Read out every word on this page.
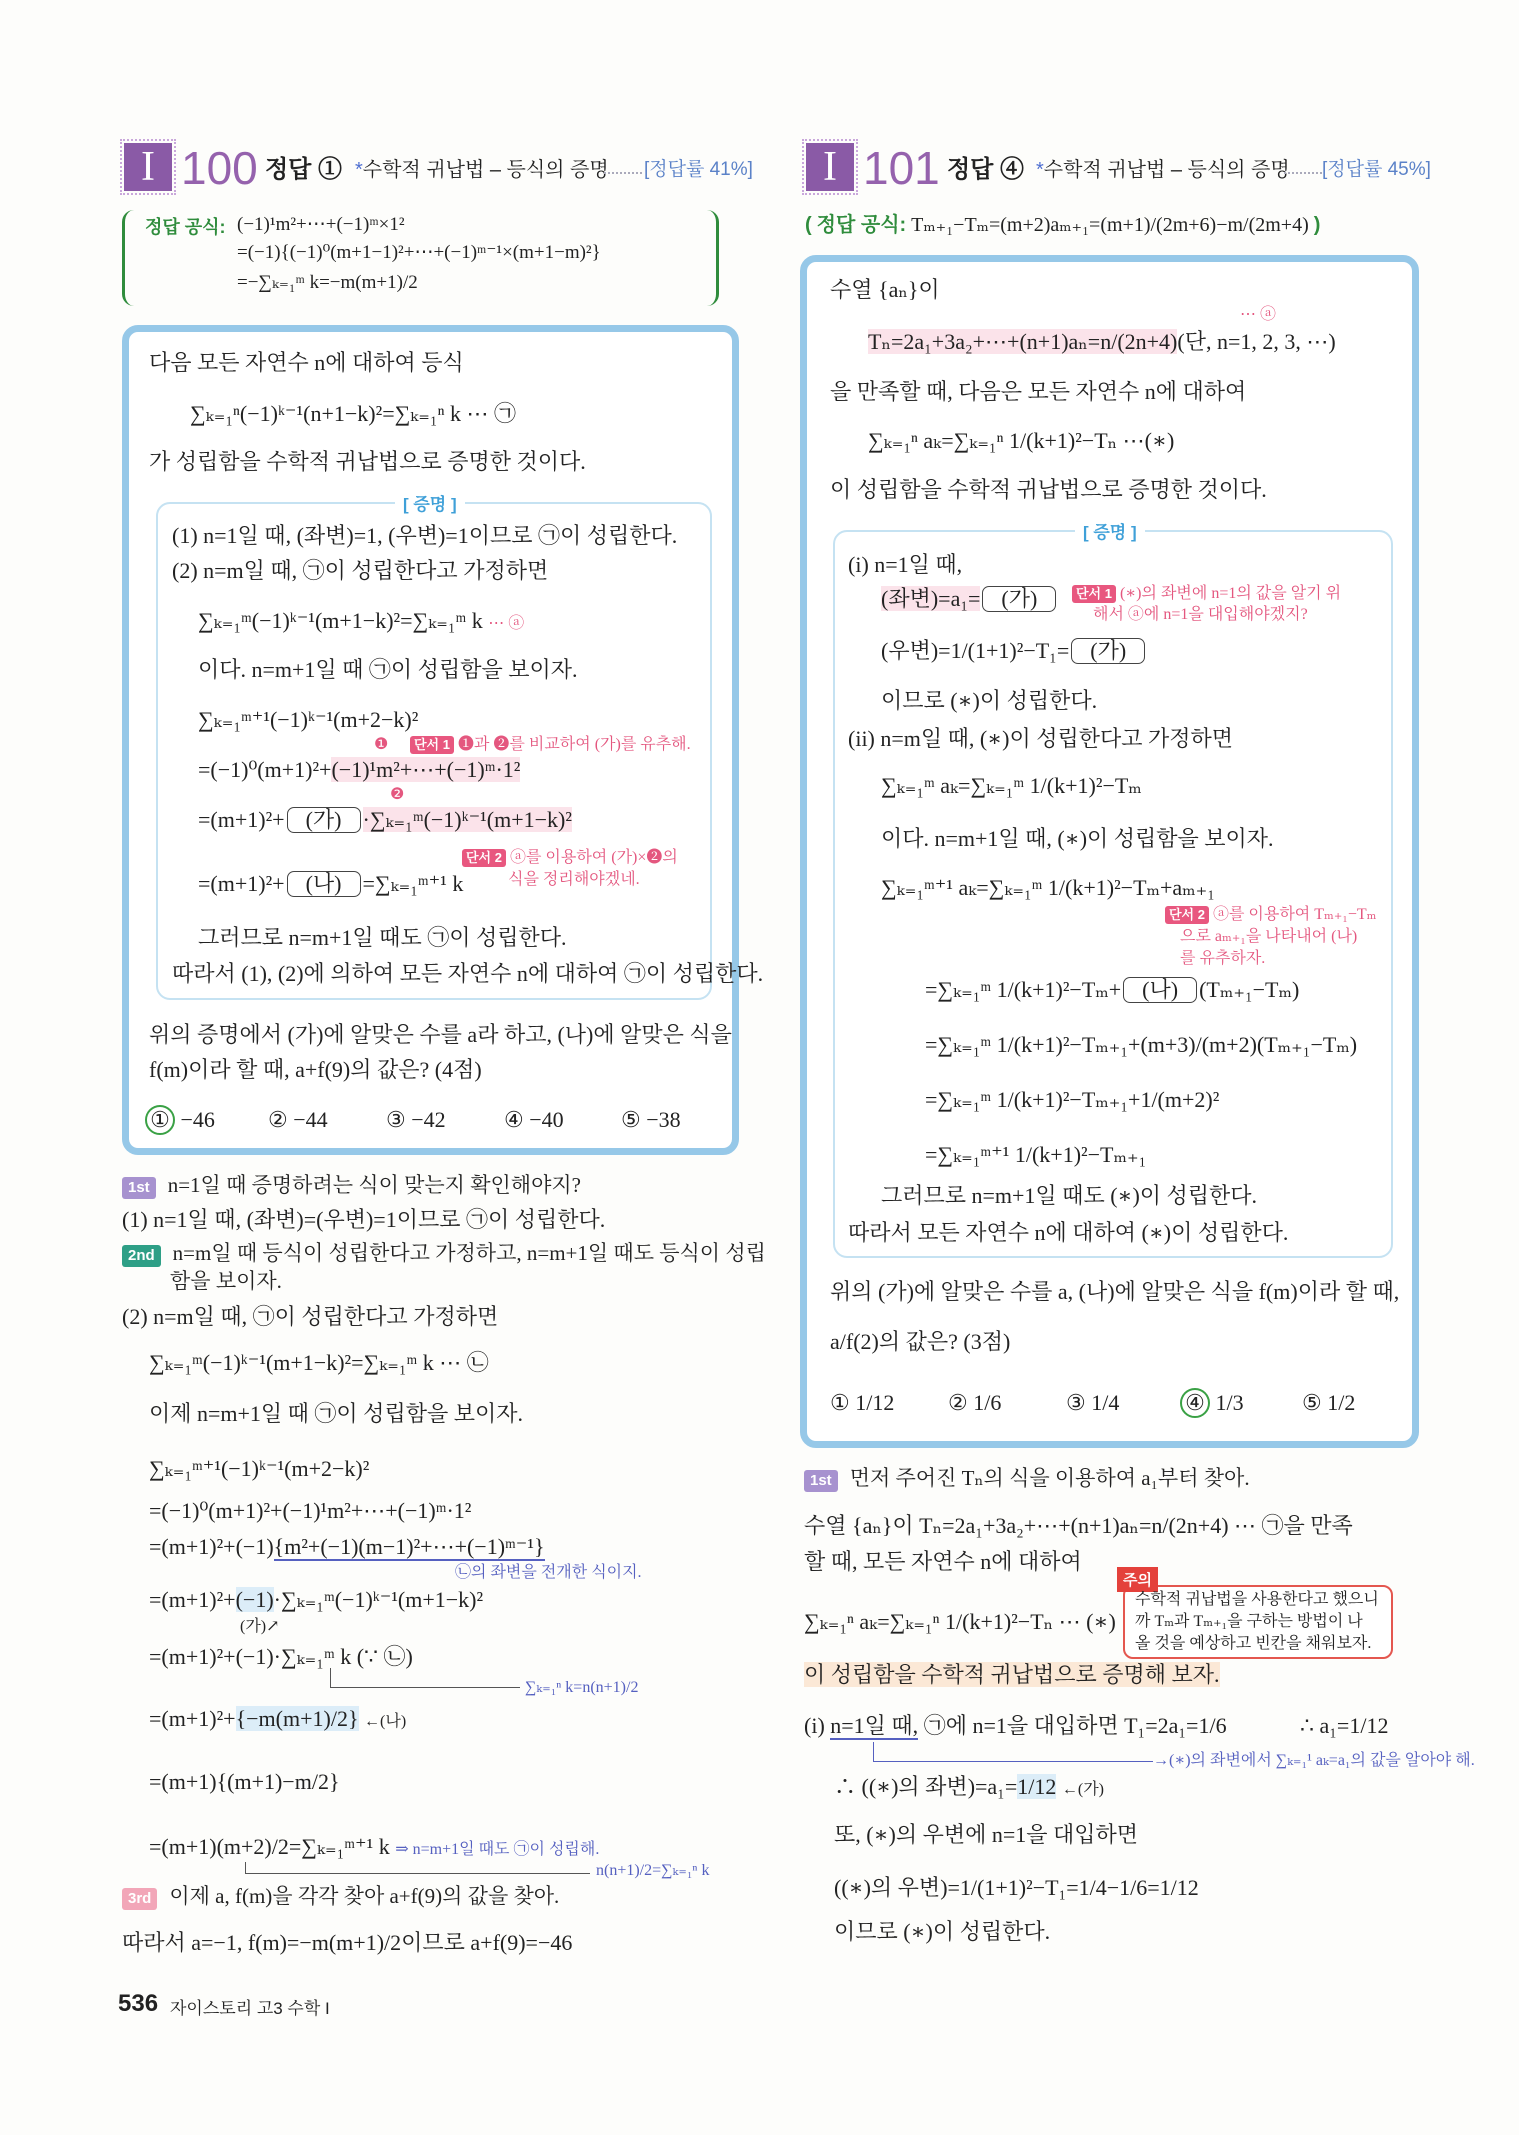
I 100 정답 ① *수학적 귀납법 – 등식의 증명 [정답률 41%]
정답 공식: (−1)¹m²+⋯+(−1)ᵐ×1²
=(−1){(−1)⁰(m+1−1)²+⋯+(−1)ᵐ⁻¹×(m+1−m)²}
=−∑ₖ₌₁ᵐ k=−m(m+1)/2
다음 모든 자연수 n에 대하여 등식
∑ₖ₌₁ⁿ(−1)ᵏ⁻¹(n+1−k)²=∑ₖ₌₁ⁿ k ⋯ ㉠
가 성립함을 수학적 귀납법으로 증명한 것이다.
[ 증명 ]
(1) n=1일 때, (좌변)=1, (우변)=1이므로 ㉠이 성립한다.
(2) n=m일 때, ㉠이 성립한다고 가정하면
∑ₖ₌₁ᵐ(−1)ᵏ⁻¹(m+1−k)²=∑ₖ₌₁ᵐ k ⋯ ⓐ
이다. n=m+1일 때 ㉠이 성립함을 보이자.
∑ₖ₌₁ᵐ⁺¹(−1)ᵏ⁻¹(m+2−k)²
단서 1 ❶과 ❷를 비교하여 (가)를 유추해.
❶
=(−1)⁰(m+1)²+(−1)¹m²+⋯+(−1)ᵐ·1²
❷
=(m+1)²+ (가) ·∑ₖ₌₁ᵐ(−1)ᵏ⁻¹(m+1−k)²
단서 2 ⓐ를 이용하여 (가)×❷의
식을 정리해야겠네.
=(m+1)²+ (나) =∑ₖ₌₁ᵐ⁺¹ k
그러므로 n=m+1일 때도 ㉠이 성립한다.
따라서 (1), (2)에 의하여 모든 자연수 n에 대하여 ㉠이 성립한다.
위의 증명에서 (가)에 알맞은 수를 a라 하고, (나)에 알맞은 식을
f(m)이라 할 때, a+f(9)의 값은? (4점)
① −46 ② −44	③ −42	④ −40	⑤ −38
1st n=1일 때 증명하려는 식이 맞는지 확인해야지?
(1) n=1일 때, (좌변)=(우변)=1이므로 ㉠이 성립한다.
2nd n=m일 때 등식이 성립한다고 가정하고, n=m+1일 때도 등식이 성립
함을 보이자.
(2) n=m일 때, ㉠이 성립한다고 가정하면
∑ₖ₌₁ᵐ(−1)ᵏ⁻¹(m+1−k)²=∑ₖ₌₁ᵐ k ⋯ ㉡
이제 n=m+1일 때 ㉠이 성립함을 보이자.
∑ₖ₌₁ᵐ⁺¹(−1)ᵏ⁻¹(m+2−k)²
=(−1)⁰(m+1)²+(−1)¹m²+⋯+(−1)ᵐ·1²
=(m+1)²+(−1){m²+(−1)(m−1)²+⋯+(−1)ᵐ⁻¹}
㉡의 좌변을 전개한 식이지.
=(m+1)²+(−1)·∑ₖ₌₁ᵐ(−1)ᵏ⁻¹(m+1−k)²
(가)↗
=(m+1)²+(−1)·∑ₖ₌₁ᵐ k (∵ ㉡)
∑ₖ₌₁ⁿ k=n(n+1)/2
=(m+1)²+{−m(m+1)/2} ←(나)
=(m+1){(m+1)−m/2}
=(m+1)(m+2)/2=∑ₖ₌₁ᵐ⁺¹ k ⇒ n=m+1일 때도 ㉠이 성립해.
n(n+1)/2=∑ₖ₌₁ⁿ k
3rd 이제 a, f(m)을 각각 찾아 a+f(9)의 값을 찾아.
따라서 a=−1, f(m)=−m(m+1)/2이므로 a+f(9)=−46
536 자이스토리 고3 수학 I
I 101 정답 ④ *수학적 귀납법 – 등식의 증명 [정답률 45%]
( 정답 공식: Tₘ₊₁−Tₘ=(m+2)aₘ₊₁=(m+1)/(2m+6)−m/(2m+4) )
수열 {aₙ}이
⋯ ⓐ
Tₙ=2a₁+3a₂+⋯+(n+1)aₙ=n/(2n+4)(단, n=1, 2, 3, ⋯)
을 만족할 때, 다음은 모든 자연수 n에 대하여
∑ₖ₌₁ⁿ aₖ=∑ₖ₌₁ⁿ 1/(k+1)²−Tₙ ⋯(∗)
이 성립함을 수학적 귀납법으로 증명한 것이다.
[ 증명 ]
(i) n=1일 때,
(좌변)=a₁= (가)	단서 1 (∗)의 좌변에 n=1의 값을 알기 위
해서 ⓐ에 n=1을 대입해야겠지?
(우변)=1/(1+1)²−T₁= (가)
이므로 (∗)이 성립한다.
(ii) n=m일 때, (∗)이 성립한다고 가정하면
∑ₖ₌₁ᵐ aₖ=∑ₖ₌₁ᵐ 1/(k+1)²−Tₘ
이다. n=m+1일 때, (∗)이 성립함을 보이자.
∑ₖ₌₁ᵐ⁺¹ aₖ=∑ₖ₌₁ᵐ 1/(k+1)²−Tₘ+aₘ₊₁
단서 2 ⓐ를 이용하여 Tₘ₊₁−Tₘ
으로 aₘ₊₁을 나타내어 (나)
를 유추하자.
=∑ₖ₌₁ᵐ 1/(k+1)²−Tₘ+ (나) (Tₘ₊₁−Tₘ)
=∑ₖ₌₁ᵐ 1/(k+1)²−Tₘ₊₁+(m+3)/(m+2)(Tₘ₊₁−Tₘ)
=∑ₖ₌₁ᵐ 1/(k+1)²−Tₘ₊₁+1/(m+2)²
=∑ₖ₌₁ᵐ⁺¹ 1/(k+1)²−Tₘ₊₁
그러므로 n=m+1일 때도 (∗)이 성립한다.
따라서 모든 자연수 n에 대하여 (∗)이 성립한다.
위의 (가)에 알맞은 수를 a, (나)에 알맞은 식을 f(m)이라 할 때,
a/f(2)의 값은? (3점)
① 1/12 ② 1/6	③ 1/4	④ 1/3	⑤ 1/2
1st 먼저 주어진 Tₙ의 식을 이용하여 a₁부터 찾아.
수열 {aₙ}이 Tₙ=2a₁+3a₂+⋯+(n+1)aₙ=n/(2n+4) ⋯ ㉠을 만족
할 때, 모든 자연수 n에 대하여
주의
수학적 귀납법을 사용한다고 했으니
까 Tₘ과 Tₘ₊₁을 구하는 방법이 나
올 것을 예상하고 빈칸을 채워보자.
∑ₖ₌₁ⁿ aₖ=∑ₖ₌₁ⁿ 1/(k+1)²−Tₙ ⋯ (∗)
이 성립함을 수학적 귀납법으로 증명해 보자.
(i) n=1일 때, ㉠에 n=1을 대입하면 T₁=2a₁=1/6	∴ a₁=1/12
→(∗)의 좌변에서 ∑ₖ₌₁¹ aₖ=a₁의 값을 알아야 해.
∴ ((∗)의 좌변)=a₁=1/12 ←(가)
또, (∗)의 우변에 n=1을 대입하면
((∗)의 우변)=1/(1+1)²−T₁=1/4−1/6=1/12
이므로 (∗)이 성립한다.
